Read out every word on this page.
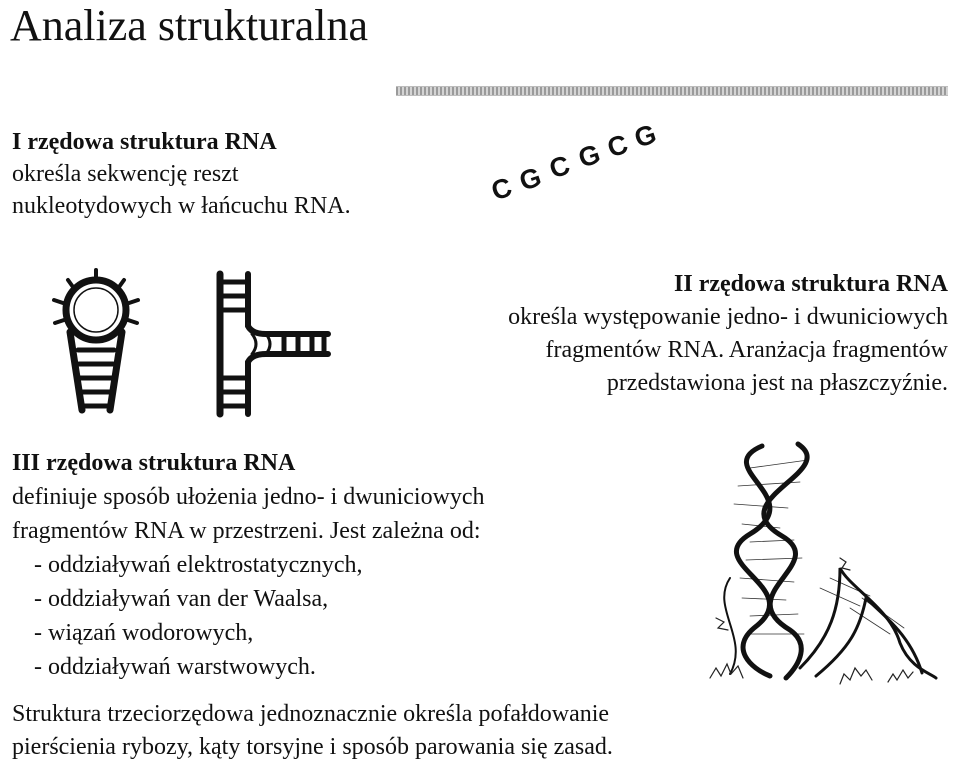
Analiza strukturalna
I rzędowa struktura RNA
określa sekwencję reszt
nukleotydowych w łańcuchu RNA.	C G C G C G
II rzędowa struktura RNA
określa występowanie jedno- i dwuniciowych
fragmentów RNA. Aranżacja fragmentów
przedstawiona jest na płaszczyźnie.
III rzędowa struktura RNA
definiuje sposób ułożenia jedno- i dwuniciowych
fragmentów RNA w przestrzeni. Jest zależna od:
- oddziaływań elektrostatycznych,
- oddziaływań van der Waalsa,
- wiązań wodorowych,
- oddziaływań warstwowych.
Struktura trzeciorzędowa jednoznacznie określa pofałdowanie
pierścienia rybozy, kąty torsyjne i sposób parowania się zasad.
